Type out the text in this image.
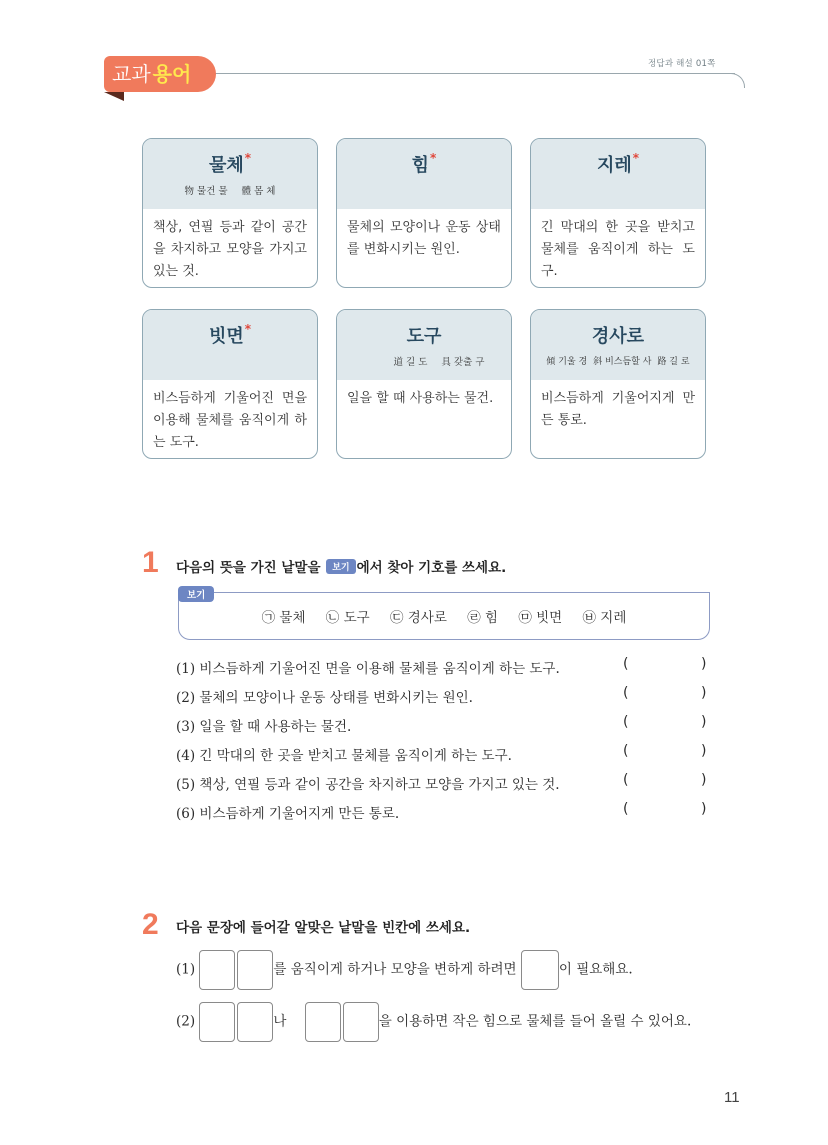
정답과 해설 01쪽
교과 용어
물체*
物 물건 물 體 몸 체
책상, 연필 등과 같이 공간을 차지하고 모양을 가지고 있는 것.
힘*
물체의 모양이나 운동 상태를 변화시키는 원인.
지레*
긴 막대의 한 곳을 받치고 물체를 움직이게 하는 도구.
빗면*
비스듬하게 기울어진 면을 이용해 물체를 움직이게 하는 도구.
도구
道 길 도 具 갖출 구
일을 할 때 사용하는 물건.
경사로
傾 기울 경 斜 비스듬할 사 路 길 로
비스듬하게 기울어지게 만든 통로.
1 다음의 뜻을 가진 낱말을 보기 에서 찾아 기호를 쓰세요.
보기
㉠ 물체 ㉡ 도구 ㉢ 경사로 ㉣ 힘 ㉤ 빗면 ㉥ 지레
(1) 비스듬하게 기울어진 면을 이용해 물체를 움직이게 하는 도구.	(	)
(2) 물체의 모양이나 운동 상태를 변화시키는 원인.	(	)
(3) 일을 할 때 사용하는 물건.	(	)
(4) 긴 막대의 한 곳을 받치고 물체를 움직이게 하는 도구.	(	)
(5) 책상, 연필 등과 같이 공간을 차지하고 모양을 가지고 있는 것.	(	)
(6) 비스듬하게 기울어지게 만든 통로.	(	)
2 다음 문장에 들어갈 알맞은 낱말을 빈칸에 쓰세요.
(1)	를 움직이게 하거나 모양을 변하게 하려면	이 필요해요.
(2)	나	을 이용하면 작은 힘으로 물체를 들어 올릴 수 있어요.
11
